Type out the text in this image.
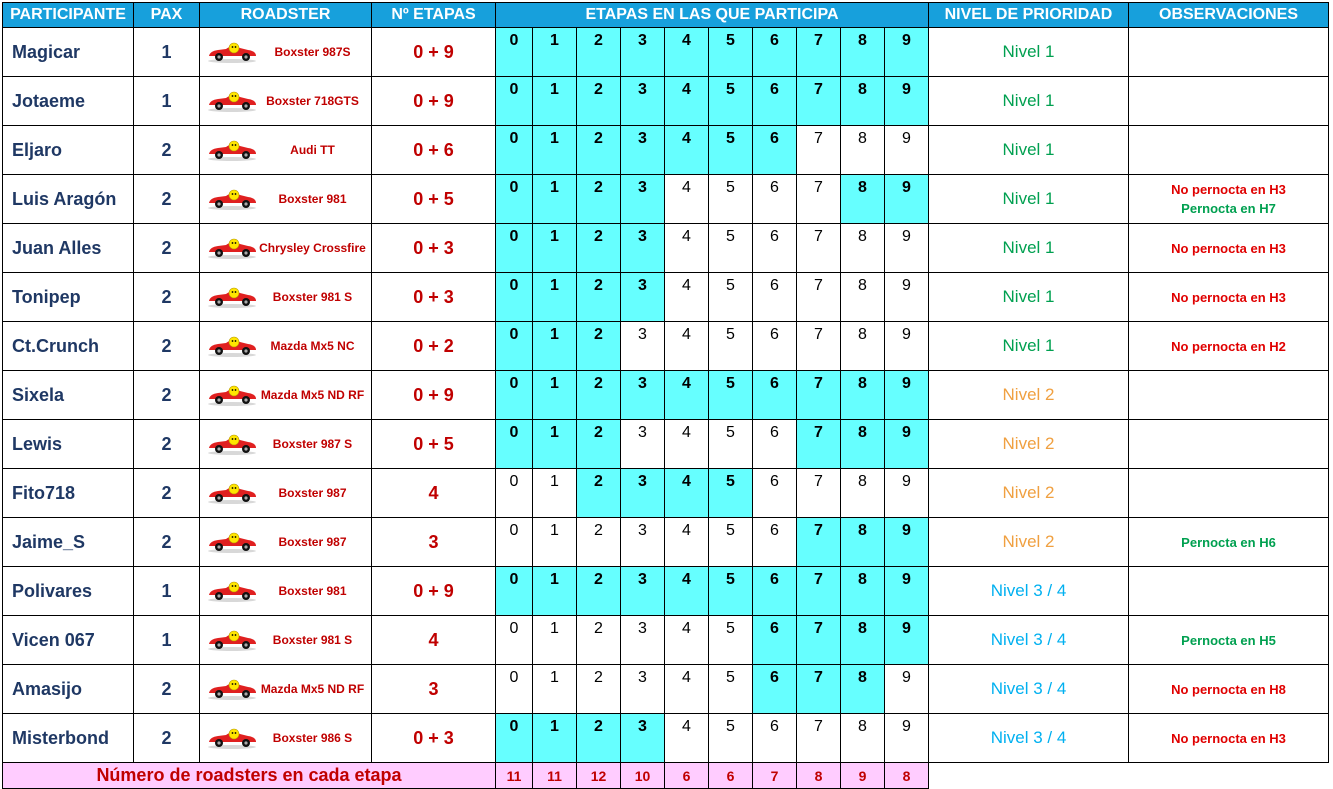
PARTICIPANTE	PAX	ROADSTER	Nº ETAPAS	ETAPAS EN LAS QUE PARTICIPA										NIVEL DE PRIORIDAD	OBSERVACIONES
Magicar	1	Boxster 987S	0 + 9	0	1	2	3	4	5	6	7	8	9	Nivel 1	
Jotaeme	1	Boxster 718GTS	0 + 9	0	1	2	3	4	5	6	7	8	9	Nivel 1	
Eljaro	2	Audi TT	0 + 6	0	1	2	3	4	5	6	7	8	9	Nivel 1	
Luis Aragón	2	Boxster 981	0 + 5	0	1	2	3	4	5	6	7	8	9	Nivel 1	No pernocta en H3
Pernocta en H7

Juan Alles	2	Chrysley Crossfire	0 + 3	0	1	2	3	4	5	6	7	8	9	Nivel 1	No pernocta en H3

Tonipep	2	Boxster 981 S	0 + 3	0	1	2	3	4	5	6	7	8	9	Nivel 1	No pernocta en H3

Ct.Crunch	2	Mazda Mx5 NC	0 + 2	0	1	2	3	4	5	6	7	8	9	Nivel 1	No pernocta en H2

Sixela	2	Mazda Mx5 ND RF	0 + 9	0	1	2	3	4	5	6	7	8	9	Nivel 2	
Lewis	2	Boxster 987 S	0 + 5	0	1	2	3	4	5	6	7	8	9	Nivel 2	
Fito718	2	Boxster 987	4	0	1	2	3	4	5	6	7	8	9	Nivel 2	
Jaime_S	2	Boxster 987	3	0	1	2	3	4	5	6	7	8	9	Nivel 2	Pernocta en H6

Polivares	1	Boxster 981	0 + 9	0	1	2	3	4	5	6	7	8	9	Nivel 3 / 4	
Vicen 067	1	Boxster 981 S	4	0	1	2	3	4	5	6	7	8	9	Nivel 3 / 4	Pernocta en H5

Amasijo	2	Mazda Mx5 ND RF	3	0	1	2	3	4	5	6	7	8	9	Nivel 3 / 4	No pernocta en H8

Misterbond	2	Boxster 986 S	0 + 3	0	1	2	3	4	5	6	7	8	9	Nivel 3 / 4	No pernocta en H3

Número de roadsters en cada etapa				11	11	12	10	6	6	7	8	9	8		
